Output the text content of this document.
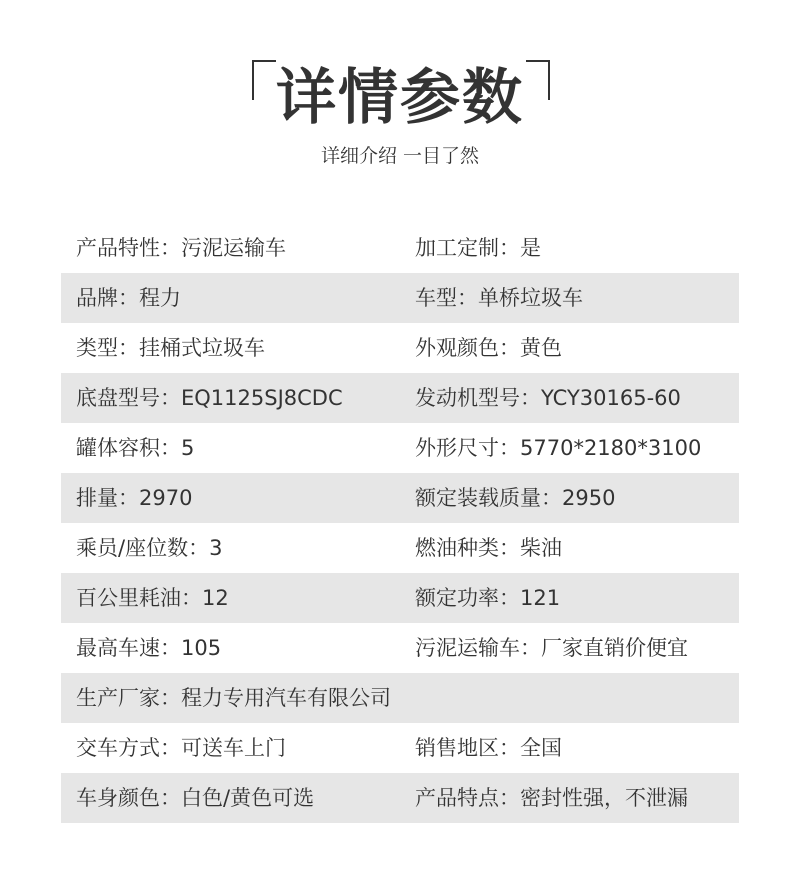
详情参数
详细介绍 一目了然
产品特性：污泥运输车	加工定制：是
品牌：程力	车型：单桥垃圾车
类型：挂桶式垃圾车	外观颜色：黄色
底盘型号：EQ1125SJ8CDC	发动机型号：YCY30165-60
罐体容积：5	外形尺寸：5770*2180*3100
排量：2970	额定装载质量：2950
乘员/座位数：3	燃油种类：柴油
百公里耗油：12	额定功率：121
最高车速：105	污泥运输车：厂家直销价便宜
生产厂家：程力专用汽车有限公司
交车方式：可送车上门	销售地区：全国
车身颜色：白色/黄色可选	产品特点：密封性强，不泄漏
